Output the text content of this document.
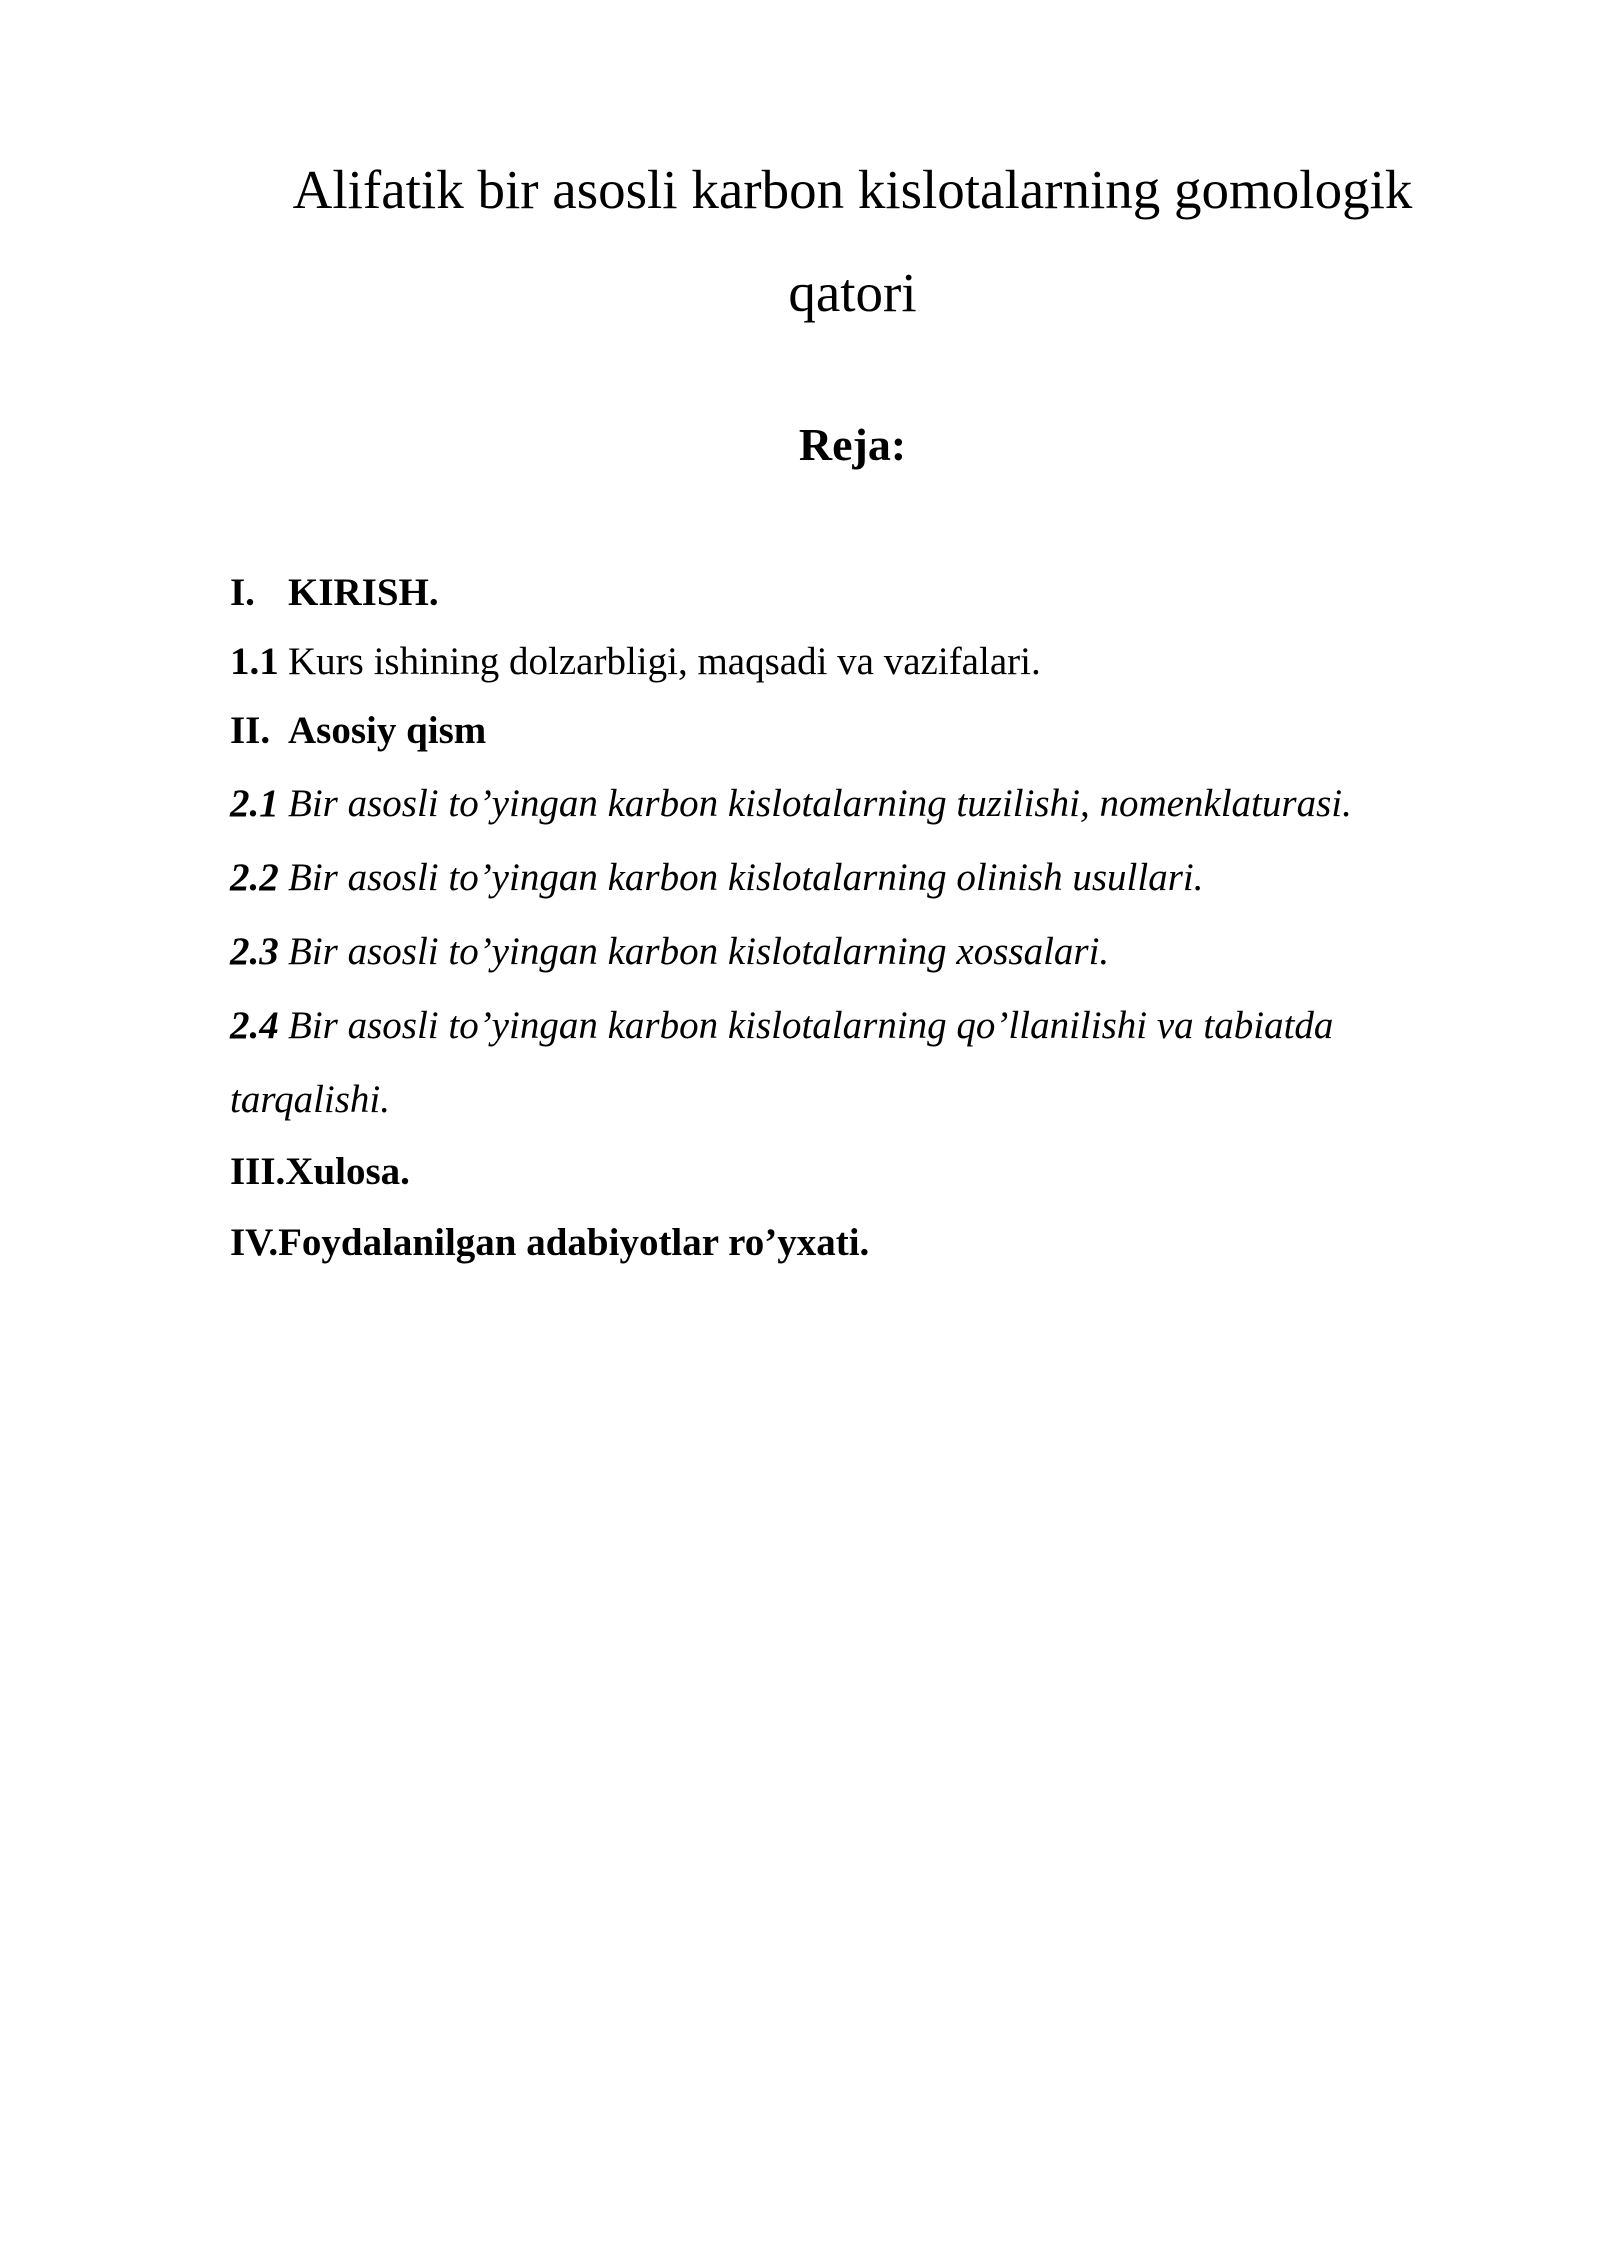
Alifatik bir asosli karbon kislotalarning gomologik
qatori
Reja:
I. KIRISH.
1.1 Kurs ishining dolzarbligi, maqsadi va vazifalari.
II. Asosiy qism
2.1 Bir asosli to’yingan karbon kislotalarning tuzilishi, nomenklaturasi.
2.2 Bir asosli to’yingan karbon kislotalarning olinish usullari.
2.3 Bir asosli to’yingan karbon kislotalarning xossalari.
2.4 Bir asosli to’yingan karbon kislotalarning qo’llanilishi va tabiatda
tarqalishi.
III.Xulosa.
IV.Foydalanilgan adabiyotlar ro’yxati.
